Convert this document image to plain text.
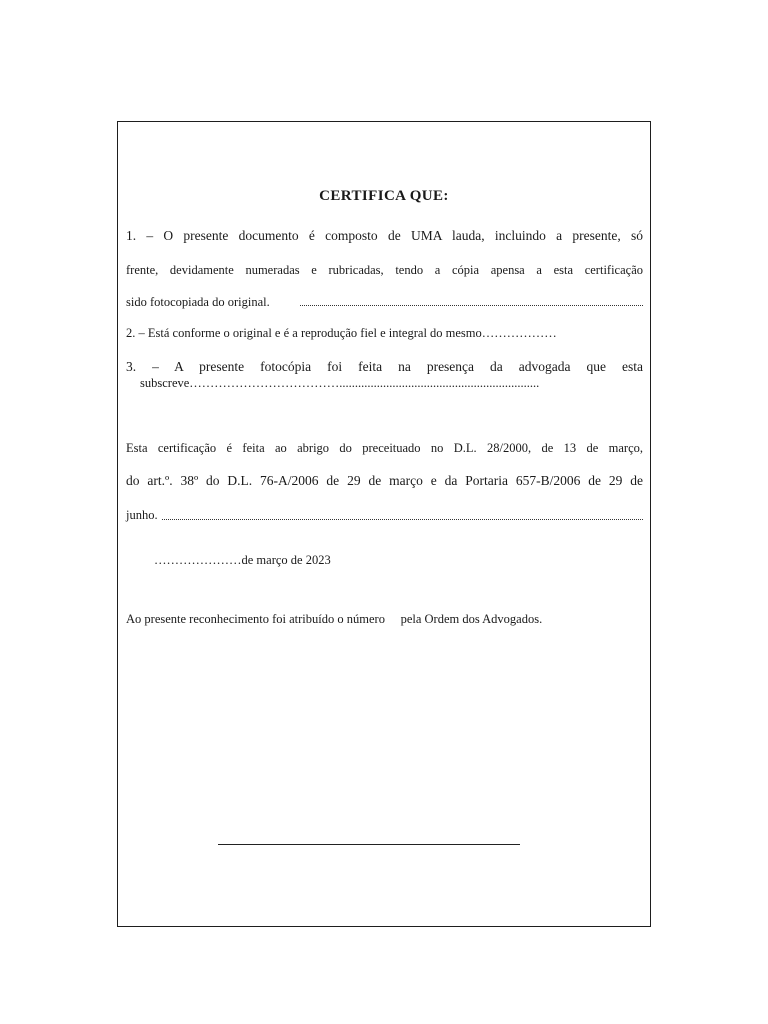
CERTIFICA QUE:
1. – O presente documento é composto de UMA lauda, incluindo a presente, só
frente, devidamente numeradas e rubricadas, tendo a cópia apensa a esta certificação
sido fotocopiada do original.
2. – Está conforme o original e é a reprodução fiel e integral do mesmo………………
3. – A presente fotocópia foi feita na presença da advogada que esta
subscreve………………………………................................................................
Esta certificação é feita ao abrigo do preceituado no D.L. 28/2000, de 13 de março,
do art.º. 38º do D.L. 76-A/2006 de 29 de março e da Portaria 657-B/2006 de 29 de
junho.
…………………de março de 2023
Ao presente reconhecimento foi atribuído o número     pela Ordem dos Advogados.
